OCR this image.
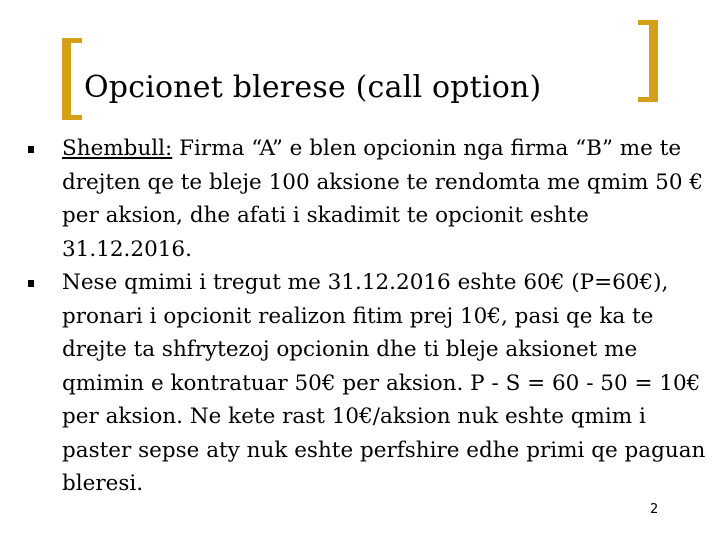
Opcionet blerese (call option)
Shembull: Firma “A” e blen opcionin nga firma “B” me te drejten qe te bleje 100 aksione te rendomta me qmim 50 € per aksion, dhe afati i skadimit te opcionit eshte 31.12.2016.
Nese qmimi i tregut me 31.12.2016 eshte 60€ (P=60€), pronari i opcionit realizon fitim prej 10€, pasi qe ka te drejte ta shfrytezoj opcionin dhe ti bleje aksionet me qmimin e kontratuar 50€ per aksion. P - S = 60 - 50 = 10€ per aksion. Ne kete rast 10€/aksion nuk eshte qmim i paster sepse aty nuk eshte perfshire edhe primi qe paguan bleresi.
2
